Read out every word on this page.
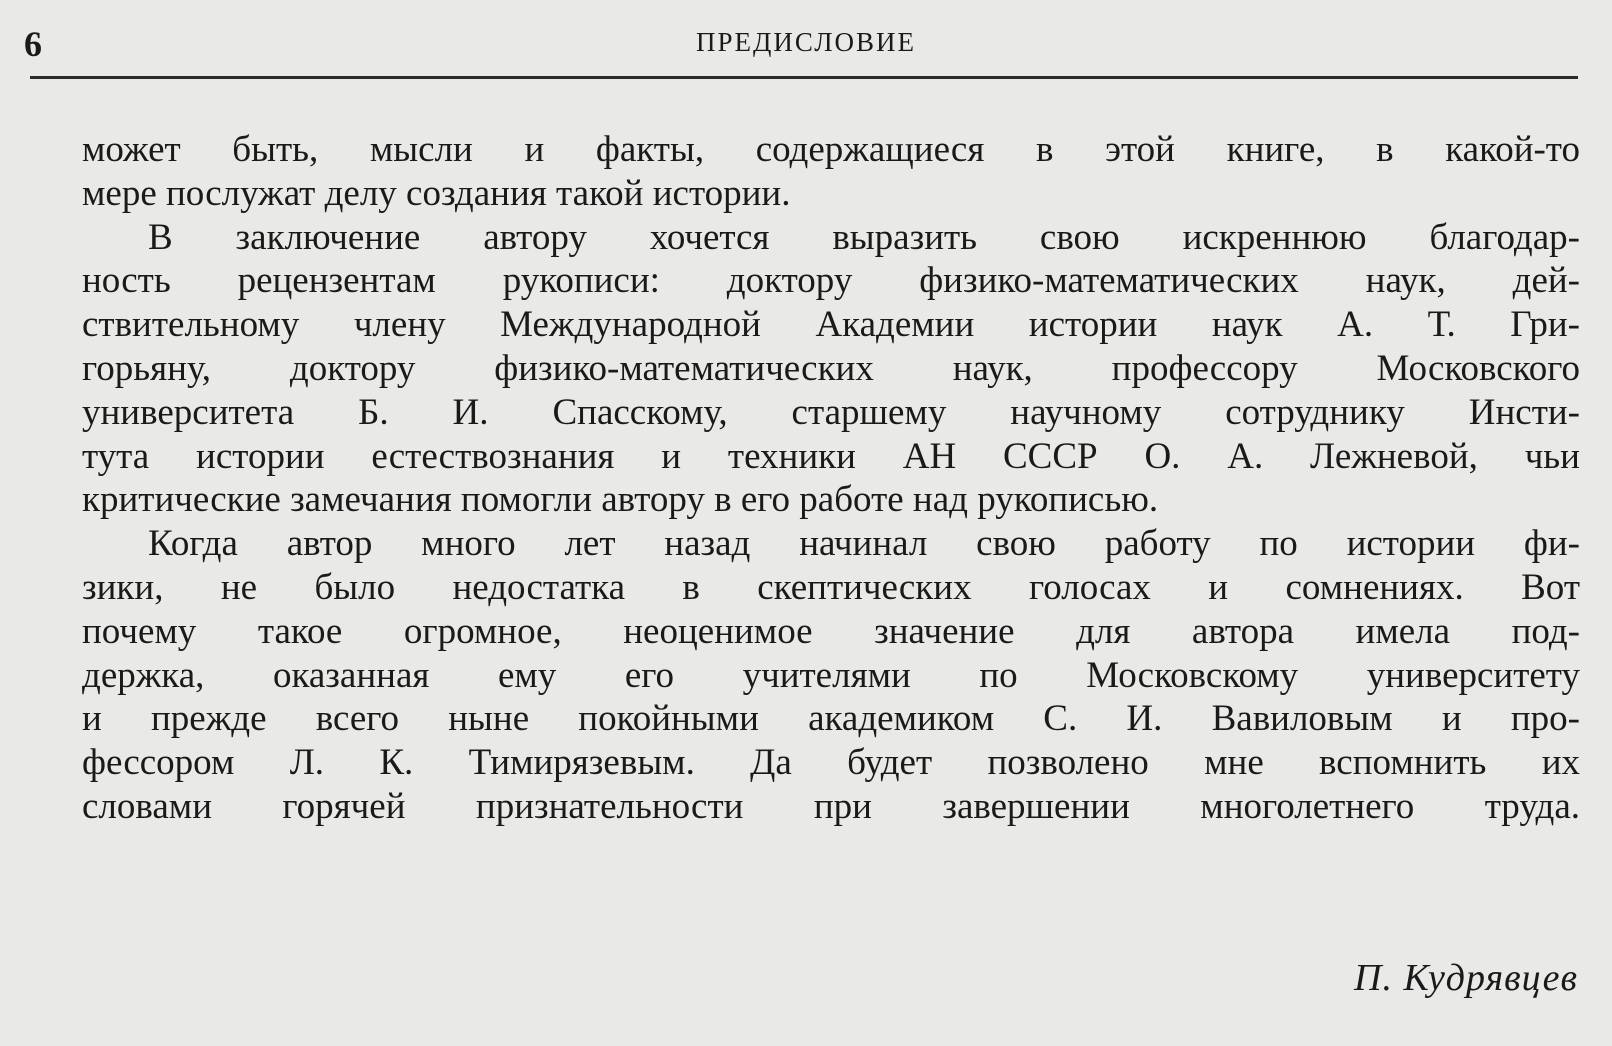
6	ПРЕДИСЛОВИЕ
может быть, мысли и факты, содержащиеся в этой книге, в какой-то
мере послужат делу создания такой истории.
В заключение автору хочется выразить свою искреннюю благодар-
ность рецензентам рукописи: доктору физико-математических наук, дей-
ствительному члену Международной Академии истории наук А. Т. Гри-
горьяну, доктору физико-математических наук, профессору Московского
университета Б. И. Спасскому, старшему научному сотруднику Инсти-
тута истории естествознания и техники АН СССР О. А. Лежневой, чьи
критические замечания помогли автору в его работе над рукописью.
Когда автор много лет назад начинал свою работу по истории фи-
зики, не было недостатка в скептических голосах и сомнениях. Вот
почему такое огромное, неоценимое значение для автора имела под-
держка, оказанная ему его учителями по Московскому университету
и прежде всего ныне покойными академиком С. И. Вавиловым и про-
фессором Л. К. Тимирязевым. Да будет позволено мне вспомнить их
словами горячей признательности при завершении многолетнего труда.
П. Кудрявцев
